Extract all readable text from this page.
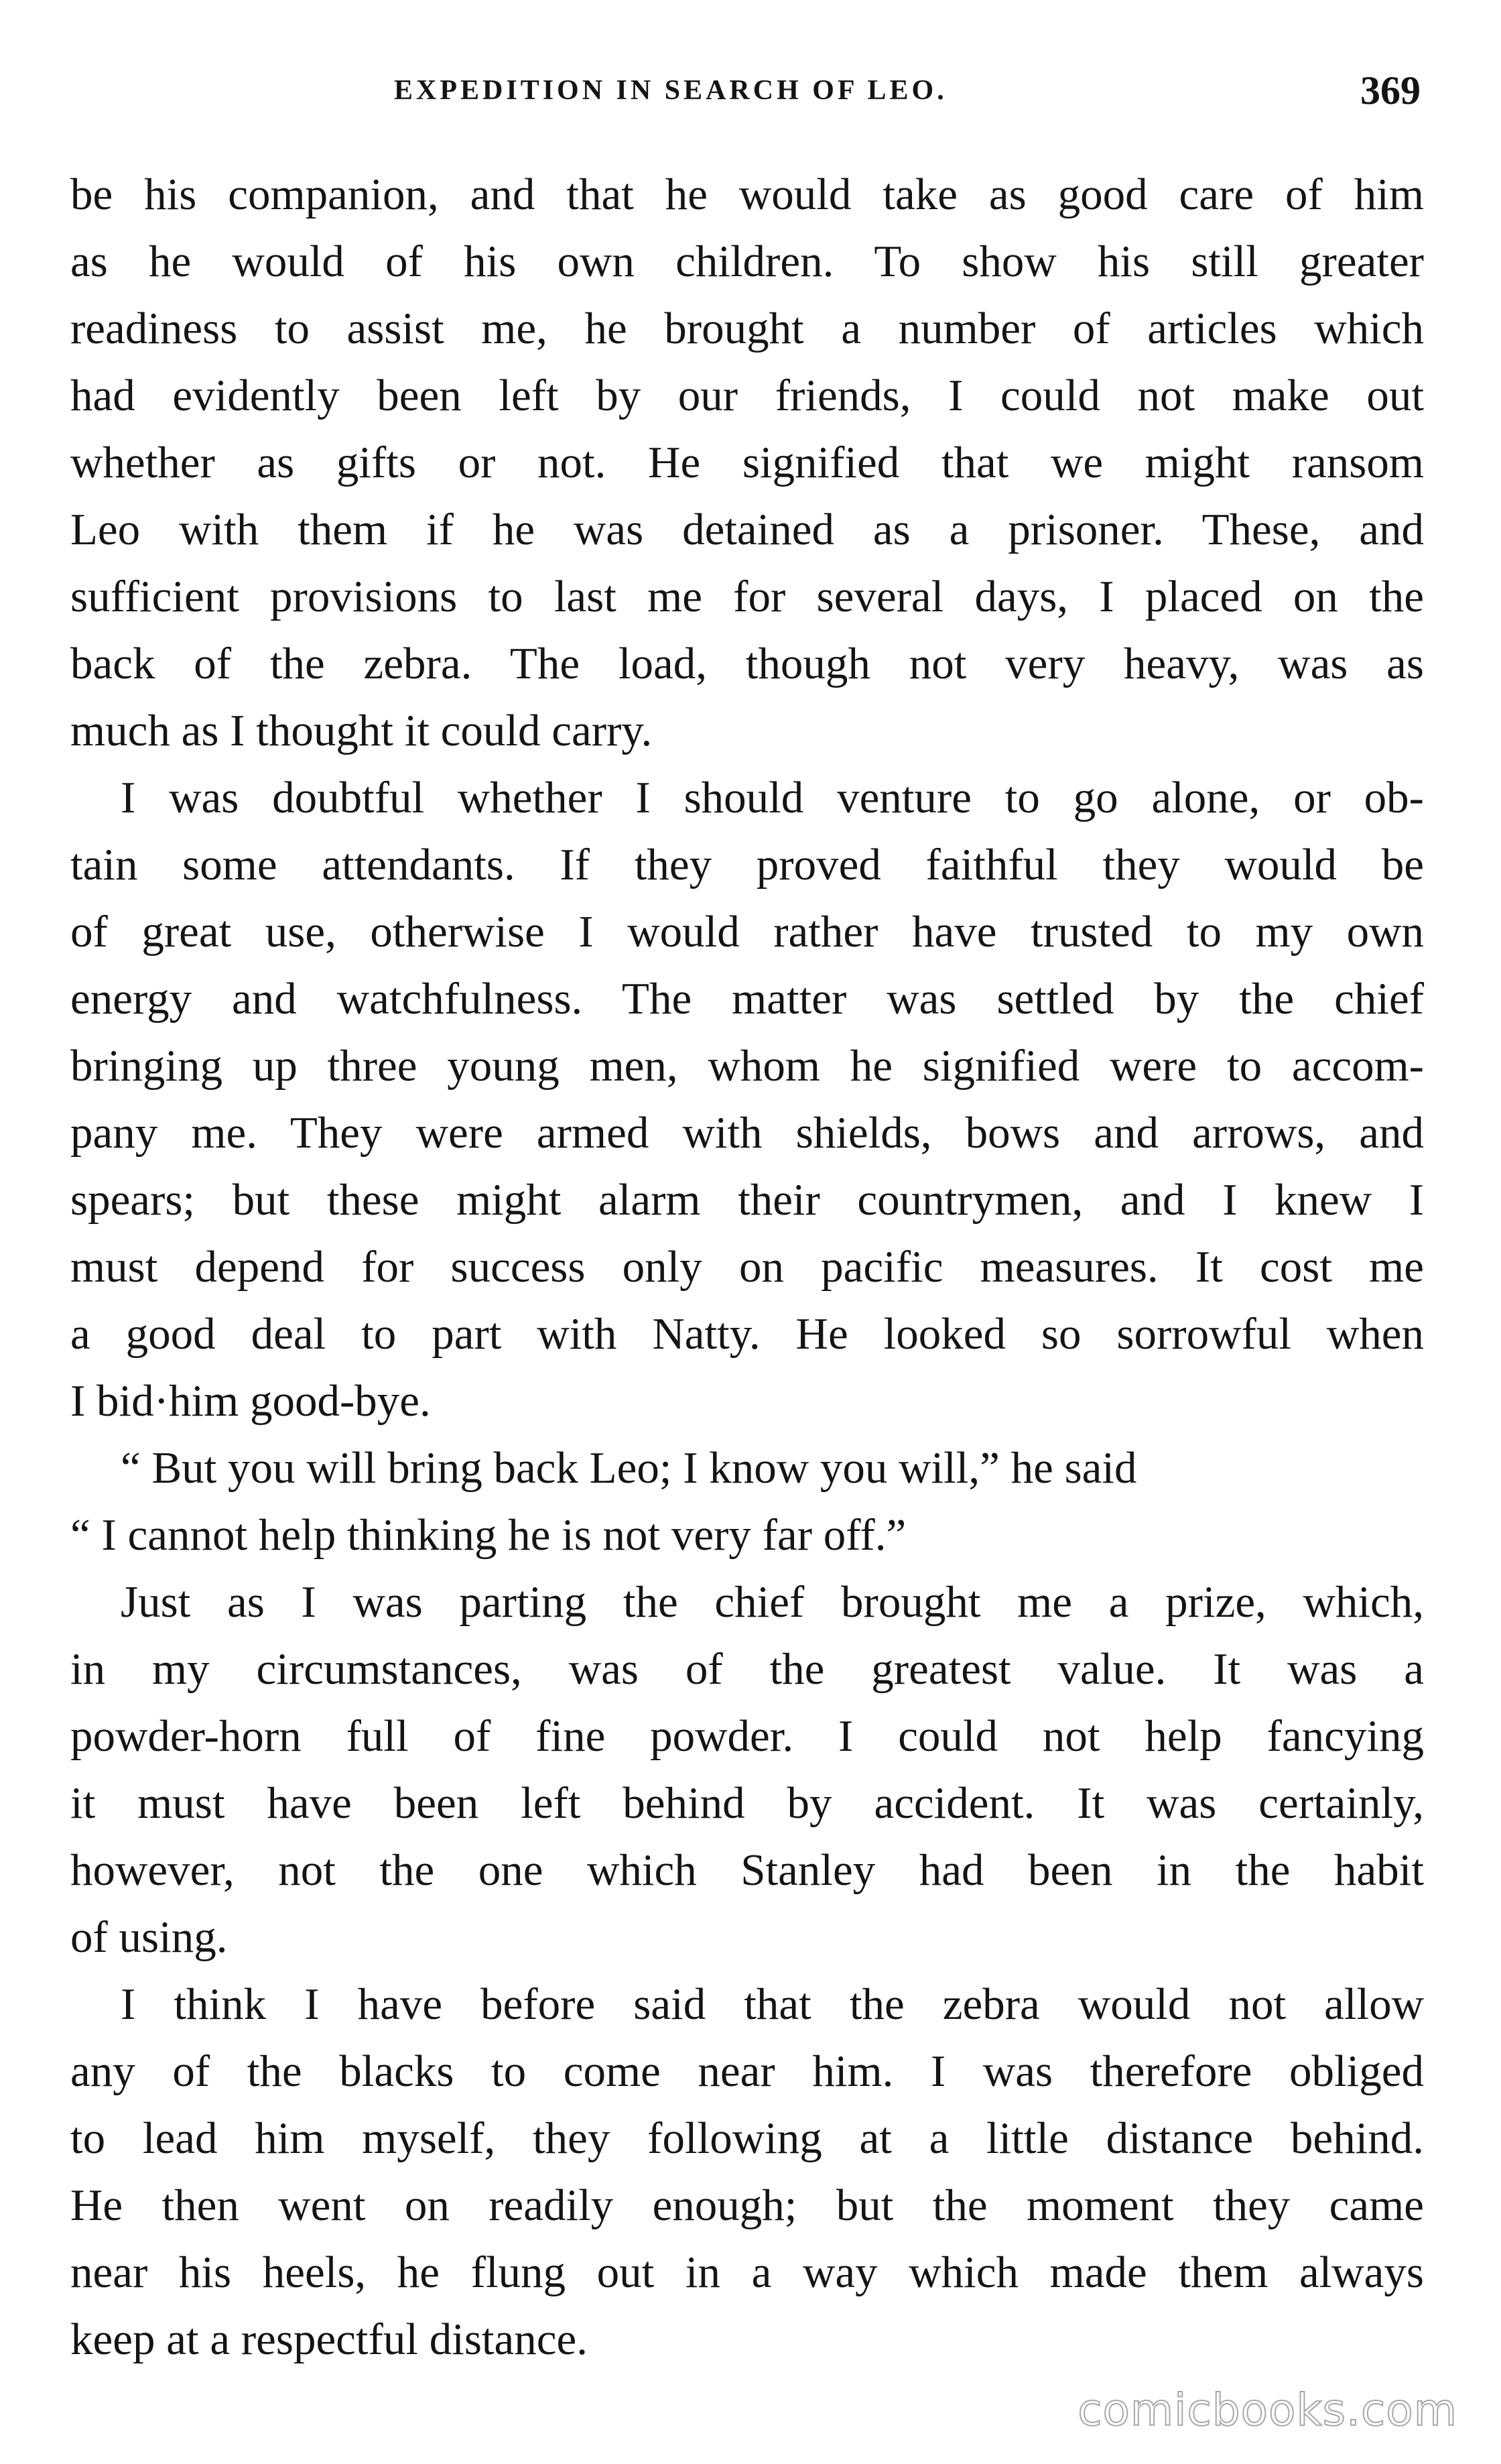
EXPEDITION IN SEARCH OF LEO.	369
be his companion, and that he would take as good care of him
as he would of his own children. To show his still greater
readiness to assist me, he brought a number of articles which
had evidently been left by our friends, I could not make out
whether as gifts or not. He signified that we might ransom
Leo with them if he was detained as a prisoner. These, and
sufficient provisions to last me for several days, I placed on the
back of the zebra. The load, though not very heavy, was as
much as I thought it could carry.
I was doubtful whether I should venture to go alone, or ob-
tain some attendants. If they proved faithful they would be
of great use, otherwise I would rather have trusted to my own
energy and watchfulness. The matter was settled by the chief
bringing up three young men, whom he signified were to accom-
pany me. They were armed with shields, bows and arrows, and
spears; but these might alarm their countrymen, and I knew I
must depend for success only on pacific measures. It cost me
a good deal to part with Natty. He looked so sorrowful when
I bid·him good-bye.
“ But you will bring back Leo; I know you will,” he said
“ I cannot help thinking he is not very far off.”
Just as I was parting the chief brought me a prize, which,
in my circumstances, was of the greatest value. It was a
powder-horn full of fine powder. I could not help fancying
it must have been left behind by accident. It was certainly,
however, not the one which Stanley had been in the habit
of using.
I think I have before said that the zebra would not allow
any of the blacks to come near him. I was therefore obliged
to lead him myself, they following at a little distance behind.
He then went on readily enough; but the moment they came
near his heels, he flung out in a way which made them always
keep at a respectful distance.
comicbooks.com
